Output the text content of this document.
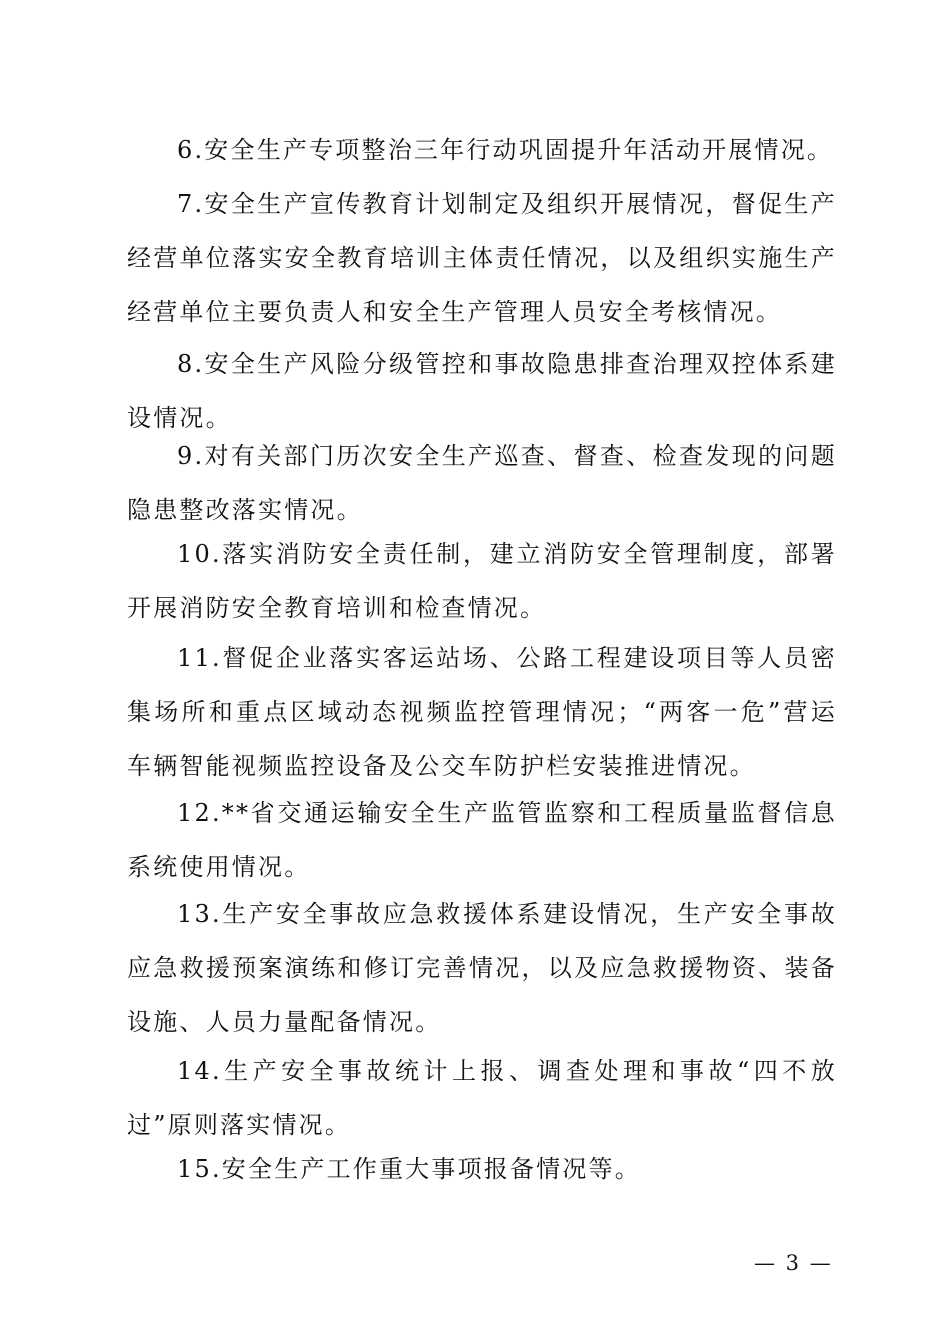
6.安全生产专项整治三年行动巩固提升年活动开展情况。

7.安全生产宣传教育计划制定及组织开展情况，督促生产经营单位落实安全教育培训主体责任情况，以及组织实施生产经营单位主要负责人和安全生产管理人员安全考核情况。

8.安全生产风险分级管控和事故隐患排查治理双控体系建设情况。

9.对有关部门历次安全生产巡查、督查、检查发现的问题隐患整改落实情况。

10.落实消防安全责任制，建立消防安全管理制度，部署开展消防安全教育培训和检查情况。

11.督促企业落实客运站场、公路工程建设项目等人员密集场所和重点区域动态视频监控管理情况；“两客一危”营运车辆智能视频监控设备及公交车防护栏安装推进情况。

12.**省交通运输安全生产监管监察和工程质量监督信息系统使用情况。

13.生产安全事故应急救援体系建设情况，生产安全事故应急救援预案演练和修订完善情况，以及应急救援物资、装备设施、人员力量配备情况。

14.生产安全事故统计上报、调查处理和事故“四不放过”原则落实情况。

15.安全生产工作重大事项报备情况等。

— 3 —
